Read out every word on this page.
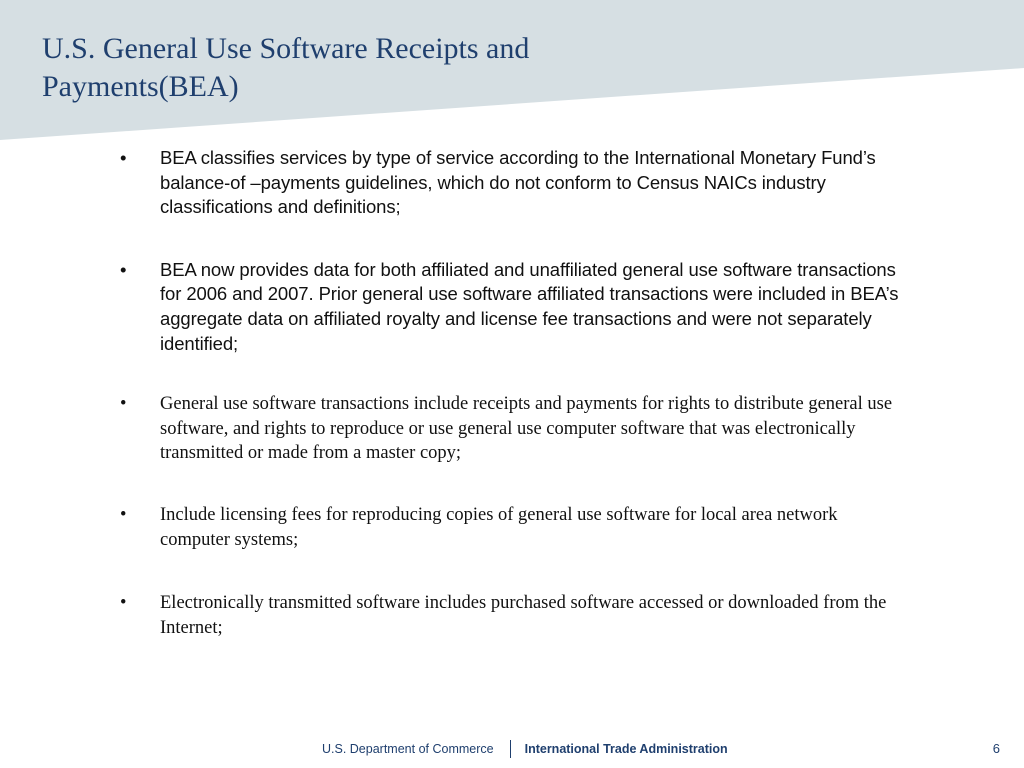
U.S. General Use Software Receipts and Payments(BEA)
• BEA classifies services by type of service according to the International Monetary Fund’s balance-of –payments guidelines, which do not conform to Census NAICs industry classifications and definitions;
• BEA now provides data for both affiliated and unaffiliated general use software transactions for 2006 and 2007. Prior general use software affiliated transactions were included in BEA’s aggregate data on affiliated royalty and license fee transactions and were not separately identified;
• General use software transactions include receipts and payments for rights to distribute general use software, and rights to reproduce or use general use computer software that was electronically transmitted or made from a master copy;
• Include licensing fees for reproducing copies of general use software for local area network computer systems;
• Electronically transmitted software includes purchased software accessed or downloaded from the Internet;
U.S. Department of Commerce International Trade Administration	6
